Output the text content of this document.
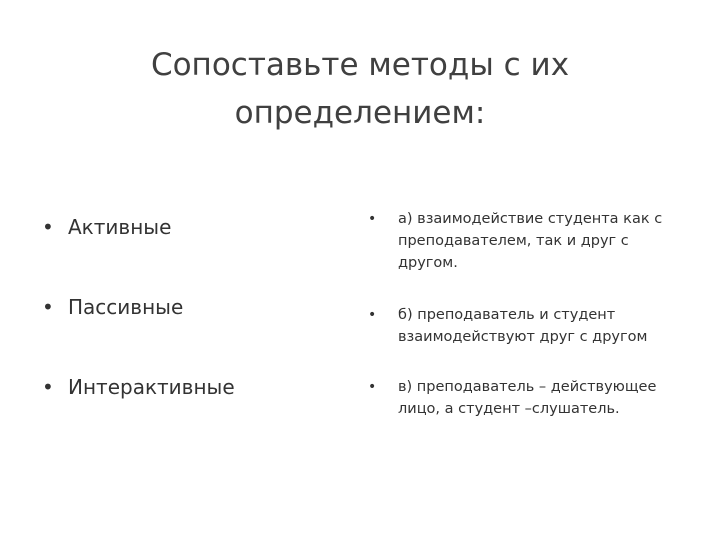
Сопоставьте методы с их
определением:
• Активные
• Пассивные
• Интерактивные
• а) взаимодействие студента как с преподавателем, так и друг с другом.
• б) преподаватель и студент взаимодействуют друг с другом
• в) преподаватель – действующее лицо, а студент –слушатель.
